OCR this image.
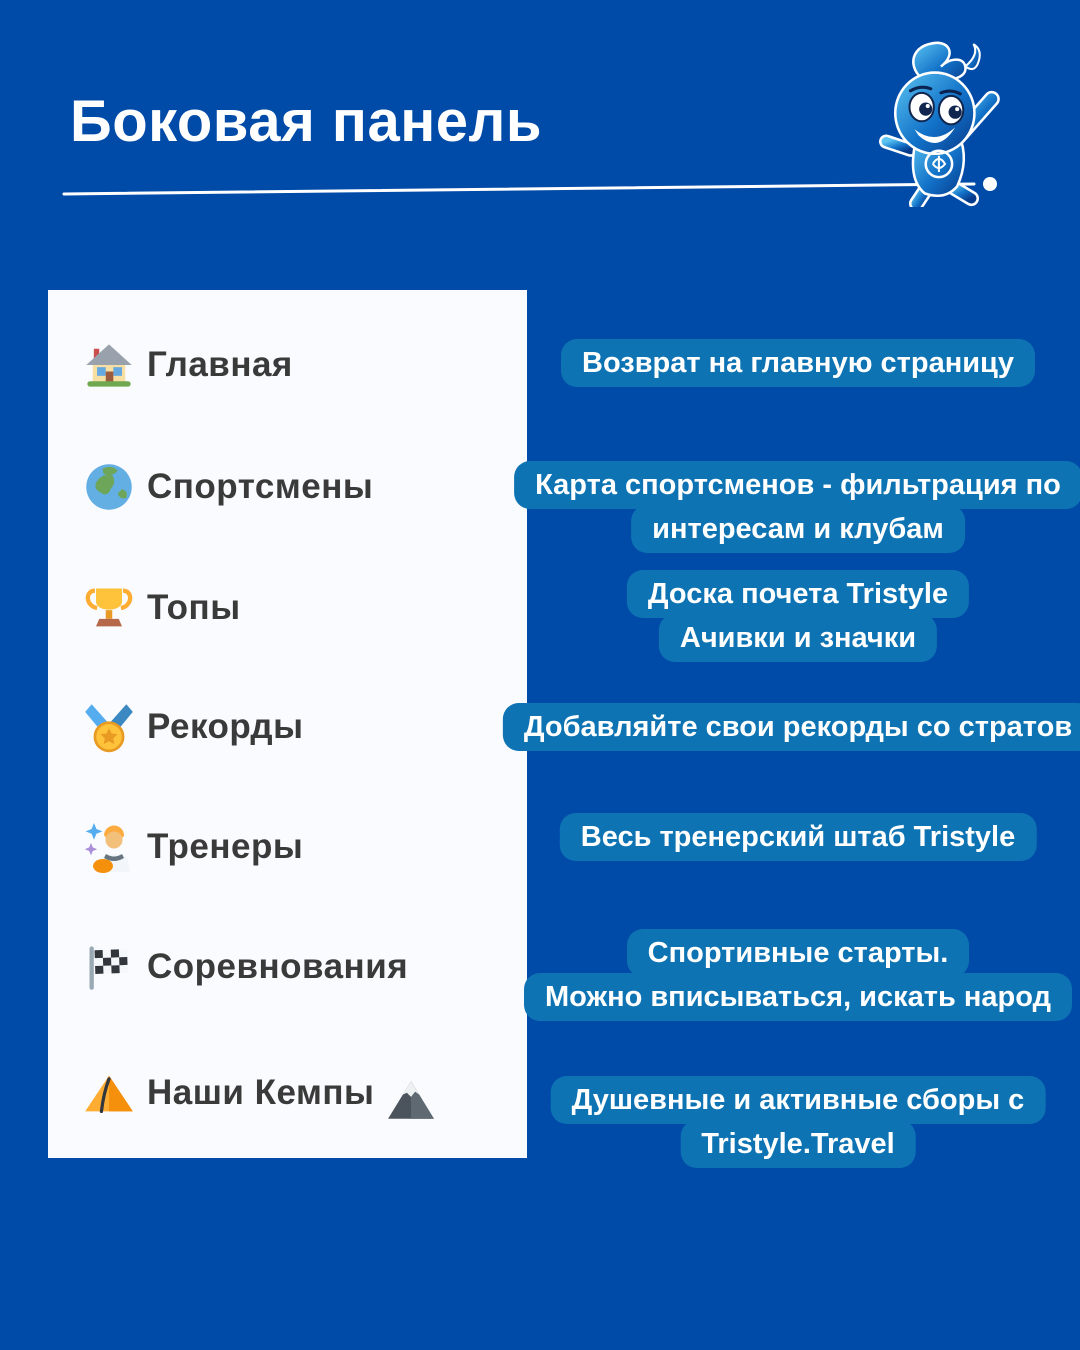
Боковая панель
Главная
Спортсмены
Топы
Рекорды
Тренеры
Соревнования
Наши Кемпы
Возврат на главную страницу
Карта спортсменов - фильтрация по
интересам и клубам
Доска почета Tristyle
Ачивки и значки
Добавляйте свои рекорды со стратов
Весь тренерский штаб Tristyle
Спортивные старты.
Можно вписываться, искать народ
Душевные и активные сборы с
Tristyle.Travel
